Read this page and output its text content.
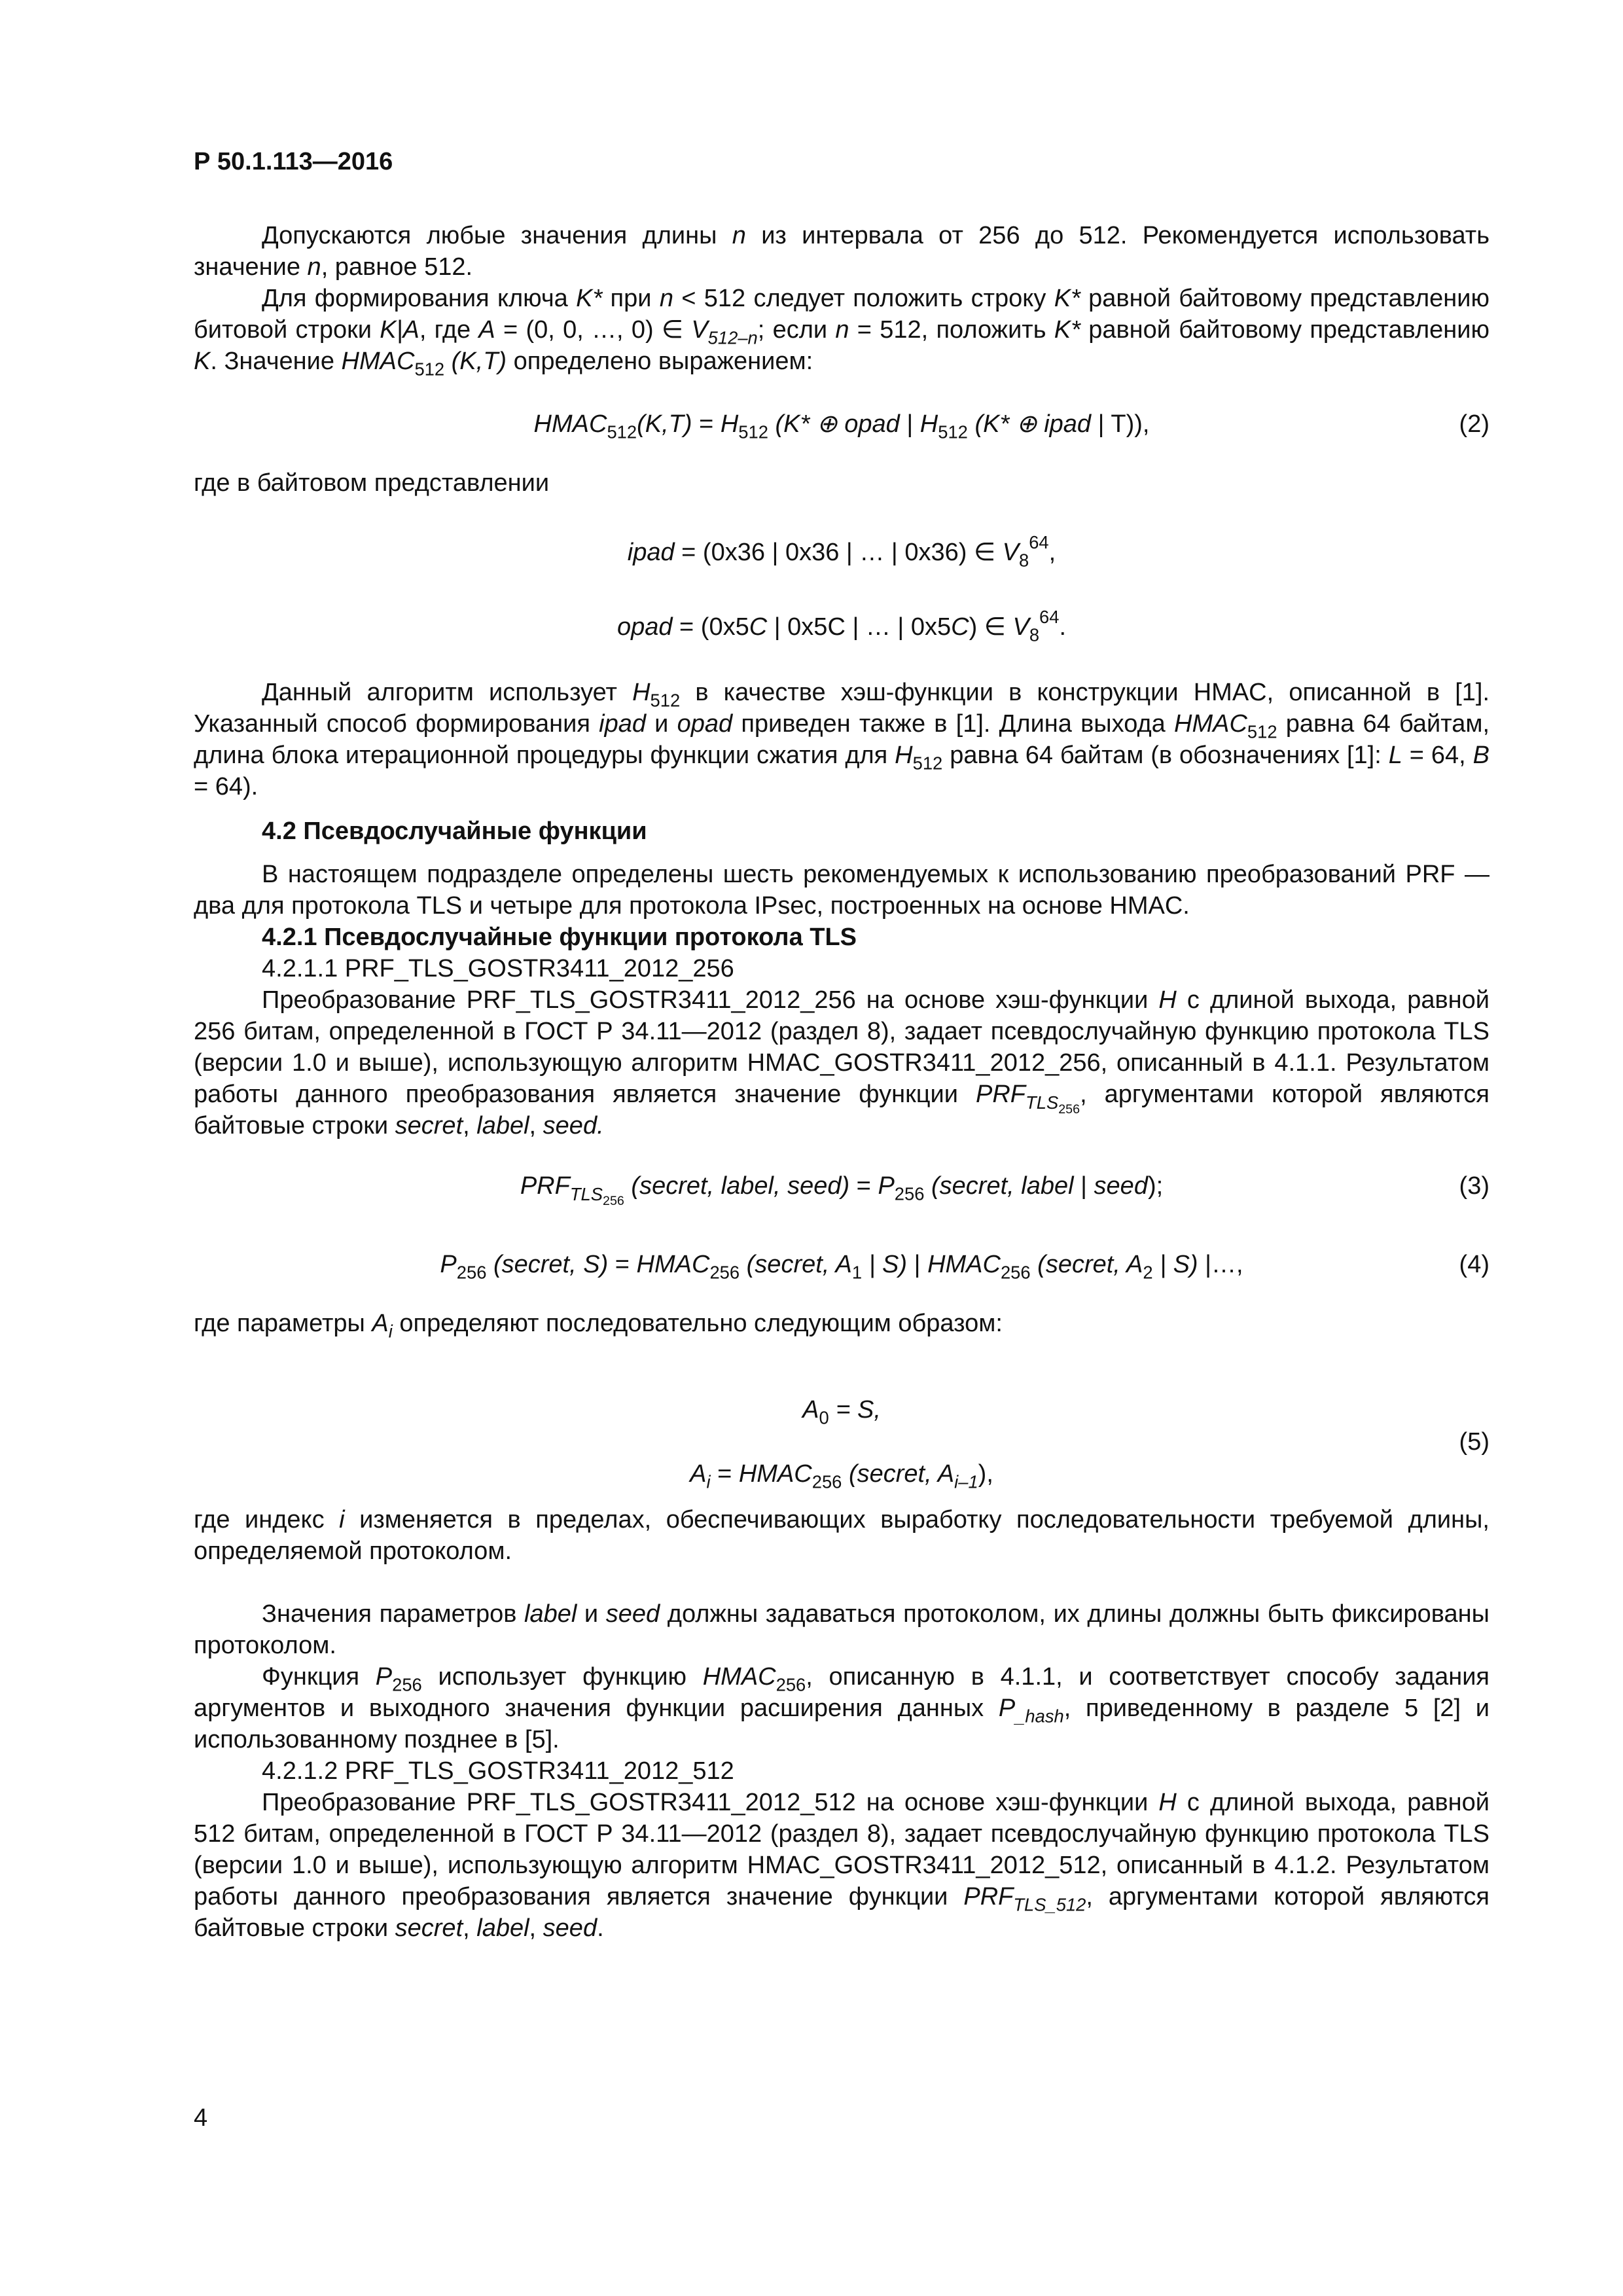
Р 50.1.113—2016

Допускаются любые значения длины n из интервала от 256 до 512. Рекомендуется использовать значение n, равное 512.

Для формирования ключа K* при n < 512 следует положить строку K* равной байтовому представлению битовой строки K|A, где A = (0, 0, …, 0) ∈ $V_{512-n}$; если n = 512, положить K* равной байтовому представлению K. Значение $HMAC_{512}$ (K,T) определено выражением:

$HMAC_{512}(K,T) = H_{512}$ (K* ⊕ opad | $H_{512}$ (K* ⊕ ipad | T)),	(2)

где в байтовом представлении

ipad = (0x36 | 0x36 | … | 0x36) ∈ $V_8^{64}$,

opad = (0x5C | 0x5C | … | 0x5C) ∈ $V_8^{64}$.

Данный алгоритм использует $H_{512}$ в качестве хэш-функции в конструкции HMAC, описанной в [1]. Указанный способ формирования ipad и opad приведен также в [1]. Длина выхода $HMAC_{512}$ равна 64 байтам, длина блока итерационной процедуры функции сжатия для $H_{512}$ равна 64 байтам (в обозначениях [1]: L = 64, B = 64).

4.2 Псевдослучайные функции

В настоящем подразделе определены шесть рекомендуемых к использованию преобразований PRF — два для протокола TLS и четыре для протокола IPsec, построенных на основе HMAC.

4.2.1 Псевдослучайные функции протокола TLS

4.2.1.1 PRF_TLS_GOSTR3411_2012_256

Преобразование PRF_TLS_GOSTR3411_2012_256 на основе хэш-функции H с длиной выхода, равной 256 битам, определенной в ГОСТ Р 34.11—2012 (раздел 8), задает псевдослучайную функцию протокола TLS (версии 1.0 и выше), использующую алгоритм HMAC_GOSTR3411_2012_256, описанный в 4.1.1. Результатом работы данного преобразования является значение функции $PRF_{TLS_{256}}$, аргументами которой являются байтовые строки secret, label, seed.

$PRF_{TLS_{256}}$ (secret, label, seed) = $P_{256}$ (secret, label | seed);	(3)

$P_{256}$ (secret, $S) = HMAC_{256}$ (secret, $A_1$ | S) | $HMAC_{256}$ (secret, $A_2$ | S) |…,	(4)

где параметры $A_i$ определяют последовательно следующим образом:

$A_0 = S$,
$A_i$ = $HMAC_{256}$ (secret, $A_{i-1}$),
(5)

где индекс i изменяется в пределах, обеспечивающих выработку последовательности требуемой длины, определяемой протоколом.

Значения параметров label и seed должны задаваться протоколом, их длины должны быть фиксированы протоколом.

Функция $P_{256}$ использует функцию $HMAC_{256}$, описанную в 4.1.1, и соответствует способу задания аргументов и выходного значения функции расширения данных $P_{\_hash}$, приведенному в разделе 5 [2] и использованному позднее в [5].

4.2.1.2 PRF_TLS_GOSTR3411_2012_512

Преобразование PRF_TLS_GOSTR3411_2012_512 на основе хэш-функции H с длиной выхода, равной 512 битам, определенной в ГОСТ Р 34.11—2012 (раздел 8), задает псевдослучайную функцию протокола TLS (версии 1.0 и выше), использующую алгоритм HMAC_GOSTR3411_2012_512, описанный в 4.1.2. Результатом работы данного преобразования является значение функции $PRF_{TLS\_512}$, аргументами которой являются байтовые строки secret, label, seed.

4
